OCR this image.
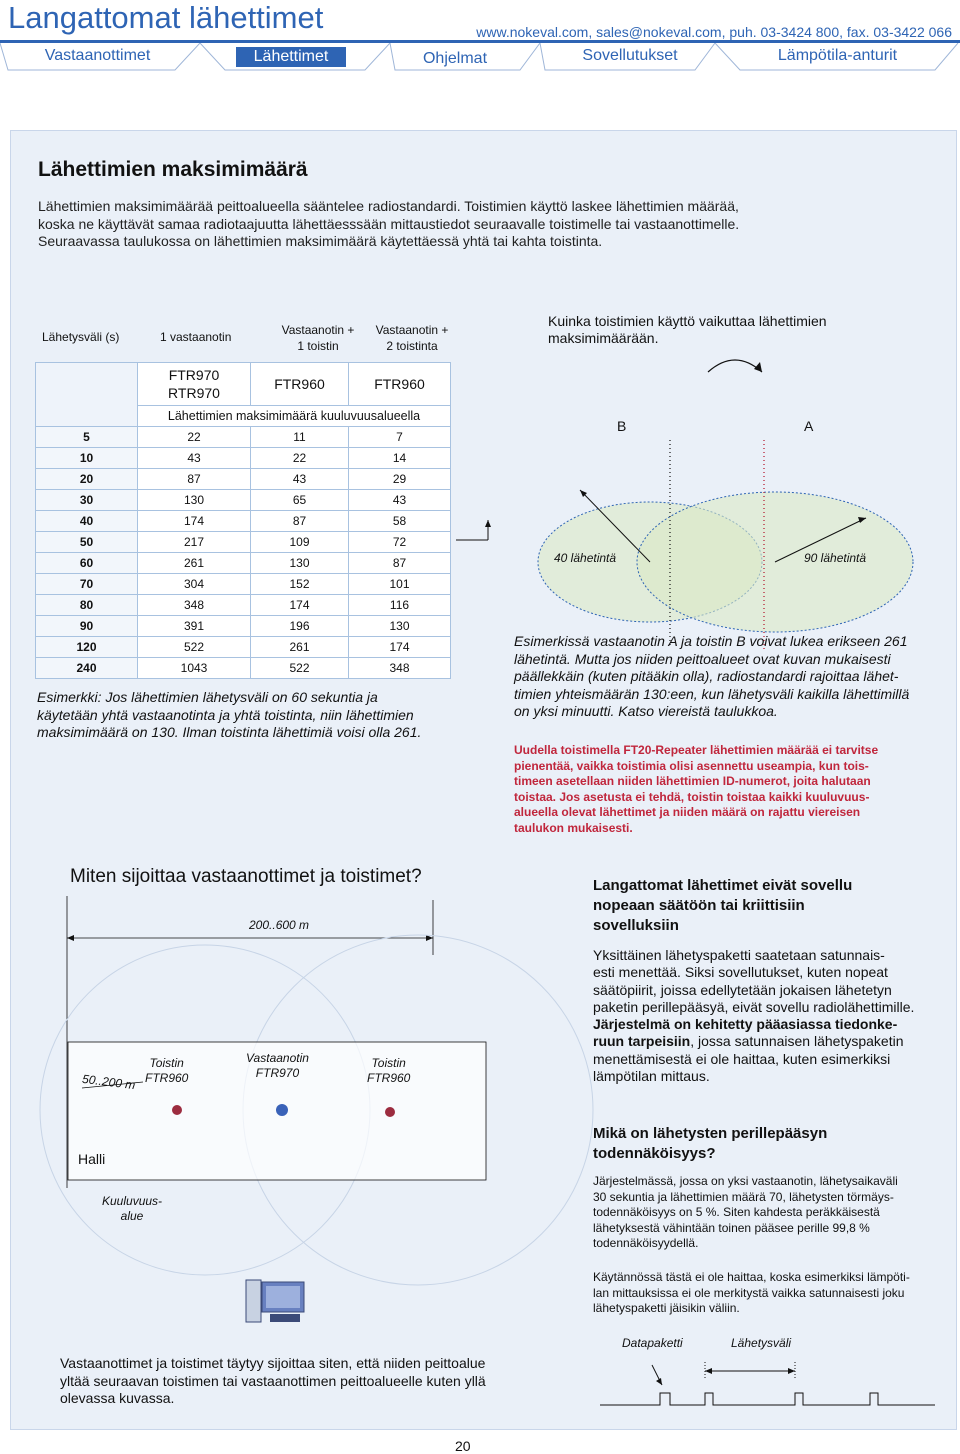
Langattomat lähettimet	www.nokeval.com, sales@nokeval.com, puh. 03-3424 800, fax. 03-3422 066
Vastaanottimet	Lähettimet	Ohjelmat	Sovellutukset	Lämpötila-anturit
Lähettimien maksimimäärä
Lähettimien maksimimäärää peittoalueella sääntelee radiostandardi. Toistimien käyttö laskee lähettimien määrää,
koska ne käyttävät samaa radiotaajuutta lähettäesssään mittaustiedot seuraavalle toistimelle tai vastaanottimelle.
Seuraavassa taulukossa on lähettimien maksimimäärä käytettäessä yhtä tai kahta toistinta.
Lähetysväli (s)	1 vastaanotin	Vastaanotin +
1 toistin
Vastaanotin +
2 toistinta

	FTR970
RTR970	FTR960	FTR960
	Lähettimien maksimimäärä kuuluvuusalueella		
5	22	11	7
10	43	22	14
20	87	43	29
30	130	65	43
40	174	87	58
50	217	109	72
60	261	130	87
70	304	152	101
80	348	174	116
90	391	196	130
120	522	261	174
240	1043	522	348
Esimerkki: Jos lähettimien lähetysväli on 60 sekuntia ja
käytetään yhtä vastaanotinta ja yhtä toistinta, niin lähettimien
maksimimäärä on 130. Ilman toistinta lähettimiä voisi olla 261.
Kuinka toistimien käyttö vaikuttaa lähettimien
maksimimäärään.
B	A
40 lähetintä	90 lähetintä
Esimerkissä vastaanotin A ja toistin B voivat lukea erikseen 261
lähetintä. Mutta jos niiden peittoalueet ovat kuvan mukaisesti
päällekkäin (kuten pitääkin olla), radiostandardi rajoittaa lähet-
timien yhteismäärän 130:een, kun lähetysväli kaikilla lähettimillä
on yksi minuutti. Katso viereistä taulukkoa.
Uudella toistimella FT20-Repeater lähettimien määrää ei tarvitse
pienentää, vaikka toistimia olisi asennettu useampia, kun tois-
timeen asetellaan niiden lähettimien ID-numerot, joita halutaan
toistaa. Jos asetusta ei tehdä, toistin toistaa kaikki kuuluvuus-
alueella olevat lähettimet ja niiden määrä on rajattu viereisen
taulukon mukaisesti.
Miten sijoittaa vastaanottimet ja toistimet?
200..600 m
50..200 m
Toistin
FTR960
Vastaanotin
FTR970
Toistin
FTR960
Halli
Kuuluvuus-
alue
Vastaanottimet ja toistimet täytyy sijoittaa siten, että niiden peittoalue
yltää seuraavan toistimen tai vastaanottimen peittoalueelle kuten yllä
olevassa kuvassa.
Langattomat lähettimet eivät sovellu
nopeaan säätöön tai kriittisiin
sovelluksiin
Yksittäinen lähetyspaketti saatetaan satunnais-
esti menettää. Siksi sovellutukset, kuten nopeat
säätöpiirit, joissa edellytetään jokaisen lähetetyn
paketin perillepääsyä, eivät sovellu radiolähettimille.
Järjestelmä on kehitetty pääasiassa tiedonke-
ruun tarpeisiin, jossa satunnaisen lähetyspaketin
menettämisestä ei ole haittaa, kuten esimerkiksi
lämpötilan mittaus.
Mikä on lähetysten perillepääsyn
todennäköisyys?
Järjestelmässä, jossa on yksi vastaanotin, lähetysaikaväli
30 sekuntia ja lähettimien määrä 70, lähetysten törmäys-
todennäköisyys on 5 %. Siten kahdesta peräkkäisestä
lähetyksestä vähintään toinen pääsee perille 99,8 %
todennäköisyydellä.
Käytännössä tästä ei ole haittaa, koska esimerkiksi lämpöti-
lan mittauksissa ei ole merkitystä vaikka satunnaisesti joku
lähetyspaketti jäisikin väliin.
Datapaketti	Lähetysväli
20
